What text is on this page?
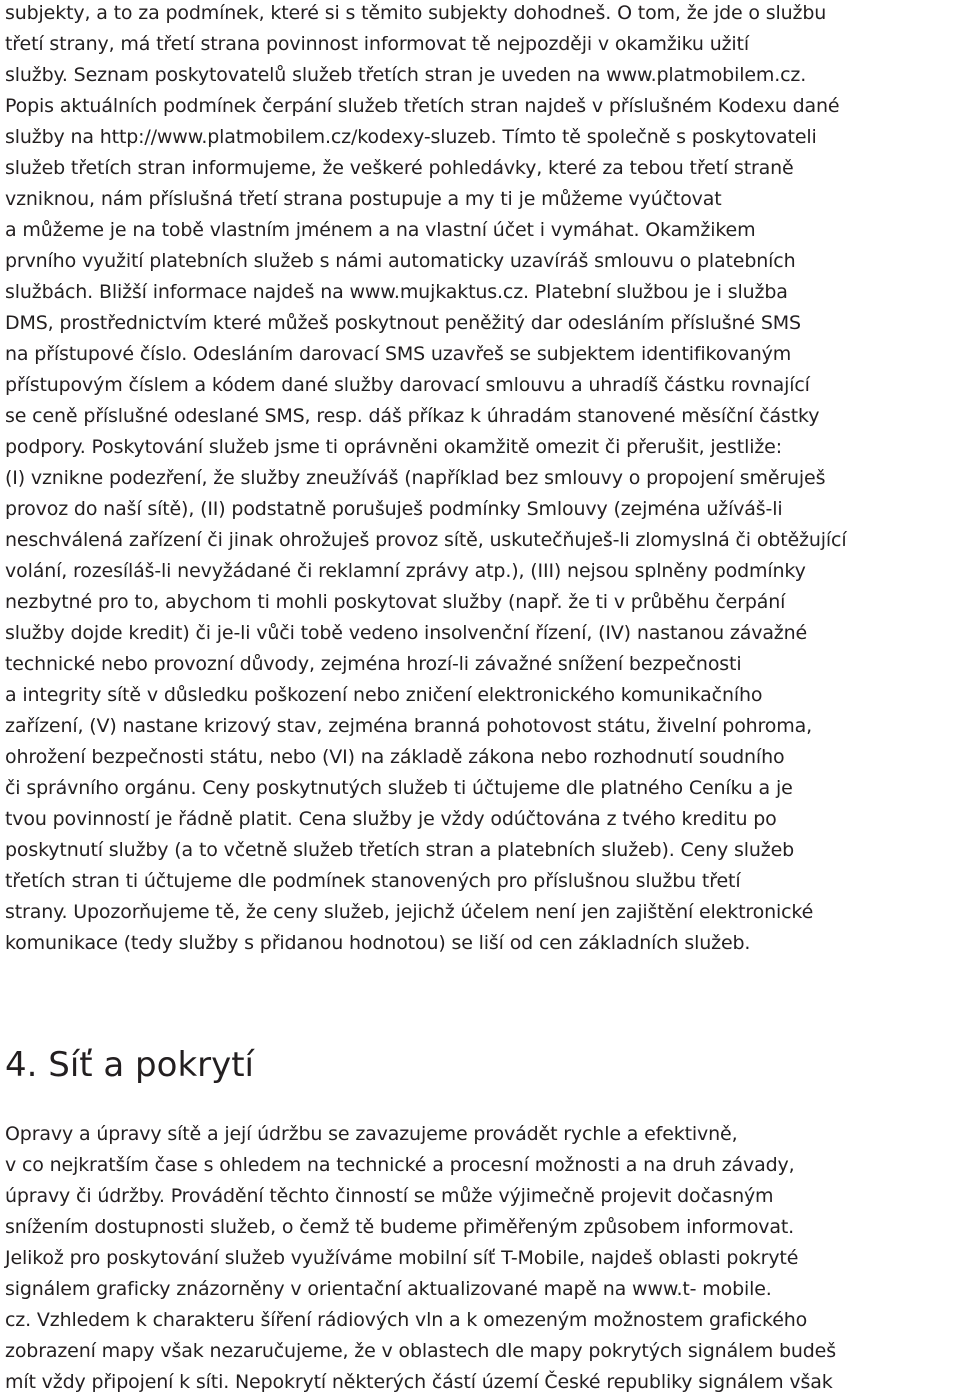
subjekty, a to za podmínek, které si s těmito subjekty dohodneš. O tom, že jde o službu
třetí strany, má třetí strana povinnost informovat tě nejpozději v okamžiku užití
služby. Seznam poskytovatelů služeb třetích stran je uveden na www.platmobilem.cz.
Popis aktuálních podmínek čerpání služeb třetích stran najdeš v příslušném Kodexu dané
služby na http://www.platmobilem.cz/kodexy-sluzeb. Tímto tě společně s poskytovateli
služeb třetích stran informujeme, že veškeré pohledávky, které za tebou třetí straně
vzniknou, nám příslušná třetí strana postupuje a my ti je můžeme vyúčtovat
a můžeme je na tobě vlastním jménem a na vlastní účet i vymáhat. Okamžikem
prvního využití platebních služeb s námi automaticky uzavíráš smlouvu o platebních
službách. Bližší informace najdeš na www.mujkaktus.cz. Platební službou je i služba
DMS, prostřednictvím které můžeš poskytnout peněžitý dar odesláním příslušné SMS
na přístupové číslo. Odesláním darovací SMS uzavřeš se subjektem identifikovaným
přístupovým číslem a kódem dané služby darovací smlouvu a uhradíš částku rovnající
se ceně příslušné odeslané SMS, resp. dáš příkaz k úhradám stanovené měsíční částky
podpory. Poskytování služeb jsme ti oprávněni okamžitě omezit či přerušit, jestliže:
(I) vznikne podezření, že služby zneužíváš (například bez smlouvy o propojení směruješ
provoz do naší sítě), (II) podstatně porušuješ podmínky Smlouvy (zejména užíváš-li
neschválená zařízení či jinak ohrožuješ provoz sítě, uskutečňuješ-li zlomyslná či obtěžující
volání, rozesíláš-li nevyžádané či reklamní zprávy atp.), (III) nejsou splněny podmínky
nezbytné pro to, abychom ti mohli poskytovat služby (např. že ti v průběhu čerpání
služby dojde kredit) či je-li vůči tobě vedeno insolvenční řízení, (IV) nastanou závažné
technické nebo provozní důvody, zejména hrozí-li závažné snížení bezpečnosti
a integrity sítě v důsledku poškození nebo zničení elektronického komunikačního
zařízení, (V) nastane krizový stav, zejména branná pohotovost státu, živelní pohroma,
ohrožení bezpečnosti státu, nebo (VI) na základě zákona nebo rozhodnutí soudního
či správního orgánu. Ceny poskytnutých služeb ti účtujeme dle platného Ceníku a je
tvou povinností je řádně platit. Cena služby je vždy odúčtována z tvého kreditu po
poskytnutí služby (a to včetně služeb třetích stran a platebních služeb). Ceny služeb
třetích stran ti účtujeme dle podmínek stanovených pro příslušnou službu třetí
strany. Upozorňujeme tě, že ceny služeb, jejichž účelem není jen zajištění elektronické
komunikace (tedy služby s přidanou hodnotou) se liší od cen základních služeb.
4. Síť a pokrytí
Opravy a úpravy sítě a její údržbu se zavazujeme provádět rychle a efektivně,
v co nejkratším čase s ohledem na technické a procesní možnosti a na druh závady,
úpravy či údržby. Provádění těchto činností se může výjimečně projevit dočasným
snížením dostupnosti služeb, o čemž tě budeme přiměřeným způsobem informovat.
Jelikož pro poskytování služeb využíváme mobilní síť T-Mobile, najdeš oblasti pokryté
signálem graficky znázorněny v orientační aktualizované mapě na www.t- mobile.
cz. Vzhledem k charakteru šíření rádiových vln a k omezeným možnostem grafického
zobrazení mapy však nezaručujeme, že v oblastech dle mapy pokrytých signálem budeš
mít vždy připojení k síti. Nepokrytí některých částí území České republiky signálem však
